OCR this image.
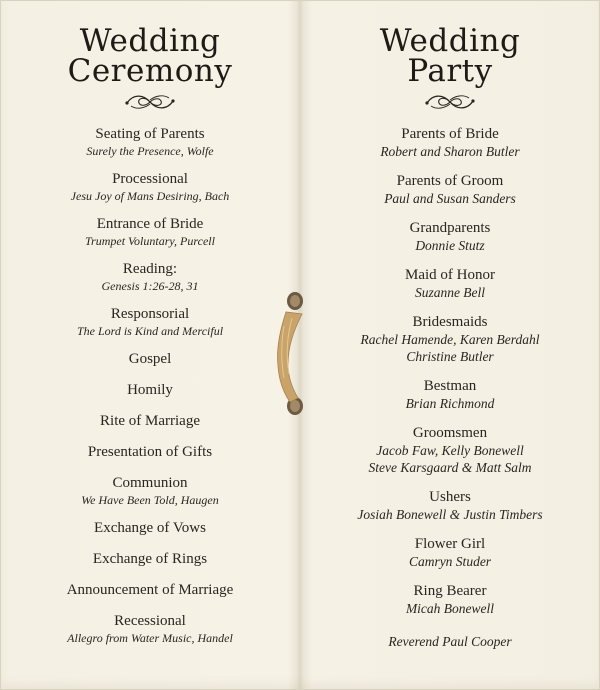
Wedding
Ceremony
Seating of Parents
Surely the Presence, Wolfe
Processional
Jesu Joy of Mans Desiring, Bach
Entrance of Bride
Trumpet Voluntary, Purcell
Reading:
Genesis 1:26-28, 31
Responsorial
The Lord is Kind and Merciful
Gospel
Homily
Rite of Marriage
Presentation of Gifts
Communion
We Have Been Told, Haugen
Exchange of Vows
Exchange of Rings
Announcement of Marriage
Recessional
Allegro from Water Music, Handel
Wedding
Party
Parents of Bride
Robert and Sharon Butler
Parents of Groom
Paul and Susan Sanders
Grandparents
Donnie Stutz
Maid of Honor
Suzanne Bell
Bridesmaids
Rachel Hamende, Karen Berdahl
Christine Butler
Bestman
Brian Richmond
Groomsmen
Jacob Faw, Kelly Bonewell
Steve Karsgaard & Matt Salm
Ushers
Josiah Bonewell & Justin Timbers
Flower Girl
Camryn Studer
Ring Bearer
Micah Bonewell
Reverend Paul Cooper
